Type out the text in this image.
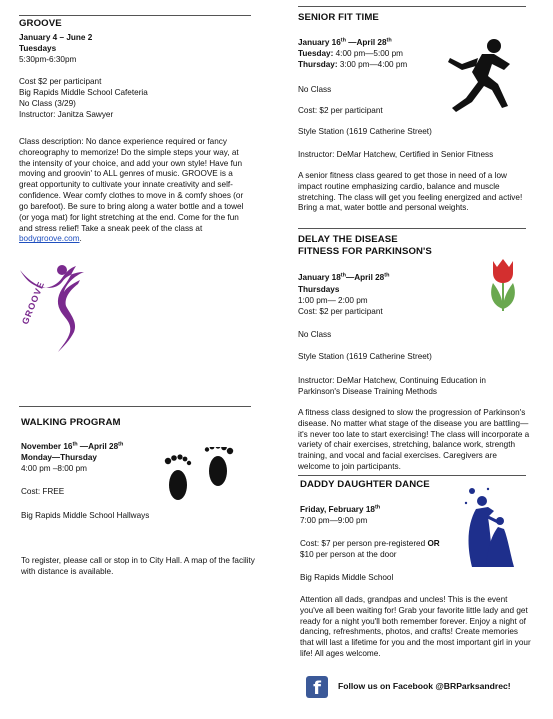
GROOVE
January 4 – June 2
Tuesdays
5:30pm-6:30pm
Cost $2 per participant
Big Rapids Middle School Cafeteria
No Class (3/29)
Instructor: Janitza Sawyer
Class description: No dance experience required or fancy choreography to memorize! Do the simple steps your way, at the intensity of your choice, and add your own style! Have fun moving and groovin' to ALL genres of music. GROOVE is a great opportunity to cultivate your innate creativity and self-confidence. Wear comfy clothes to move in & comfy shoes (or go barefoot). Be sure to bring along a water bottle and a towel (or yoga mat) for light stretching at the end. Come for the fun and stress relief! Take a sneak peek of the class at bodygroove.com.
GROOVE
WALKING PROGRAM
November 16th —April 28th
Monday—Thursday
4:00 pm –8:00 pm
Cost: FREE
Big Rapids Middle School Hallways
To register, please call or stop in to City Hall. A map of the facility with distance is available.
SENIOR FIT TIME
January 16th —April 28th
Tuesday: 4:00 pm—5:00 pm
Thursday: 3:00 pm—4:00 pm
No Class
Cost: $2 per participant
Style Station (1619 Catherine Street)
Instructor: DeMar Hatchew, Certified in Senior Fitness
A senior fitness class geared to get those in need of a low impact routine emphasizing cardio, balance and muscle stretching. The class will get you feeling energized and active! Bring a mat, water bottle and personal weights.
DELAY THE DISEASE
FITNESS FOR PARKINSON'S
January 18th—April 28th
Thursdays
1:00 pm— 2:00 pm
Cost: $2 per participant
No Class
Style Station (1619 Catherine Street)
Instructor: DeMar Hatchew, Continuing Education in
Parkinson's Disease Training Methods
A fitness class designed to slow the progression of Parkinson's disease. No matter what stage of the disease you are battling—it's never too late to start exercising! The class will incorporate a variety of chair exercises, stretching, balance work, strength training, and vocal and facial exercises. Caregivers are welcome to join participants.
DADDY DAUGHTER DANCE
Friday, February 18th
7:00 pm—9:00 pm
Cost: $7 per person pre-registered OR
$10 per person at the door
Big Rapids Middle School
Attention all dads, grandpas and uncles! This is the event you've all been waiting for! Grab your favorite little lady and get ready for a night you'll both remember forever. Enjoy a night of dancing, refreshments, photos, and crafts! Create memories that will last a lifetime for you and the most important girl in your life! All ages welcome.
f Follow us on Facebook @BRParksandrec!
